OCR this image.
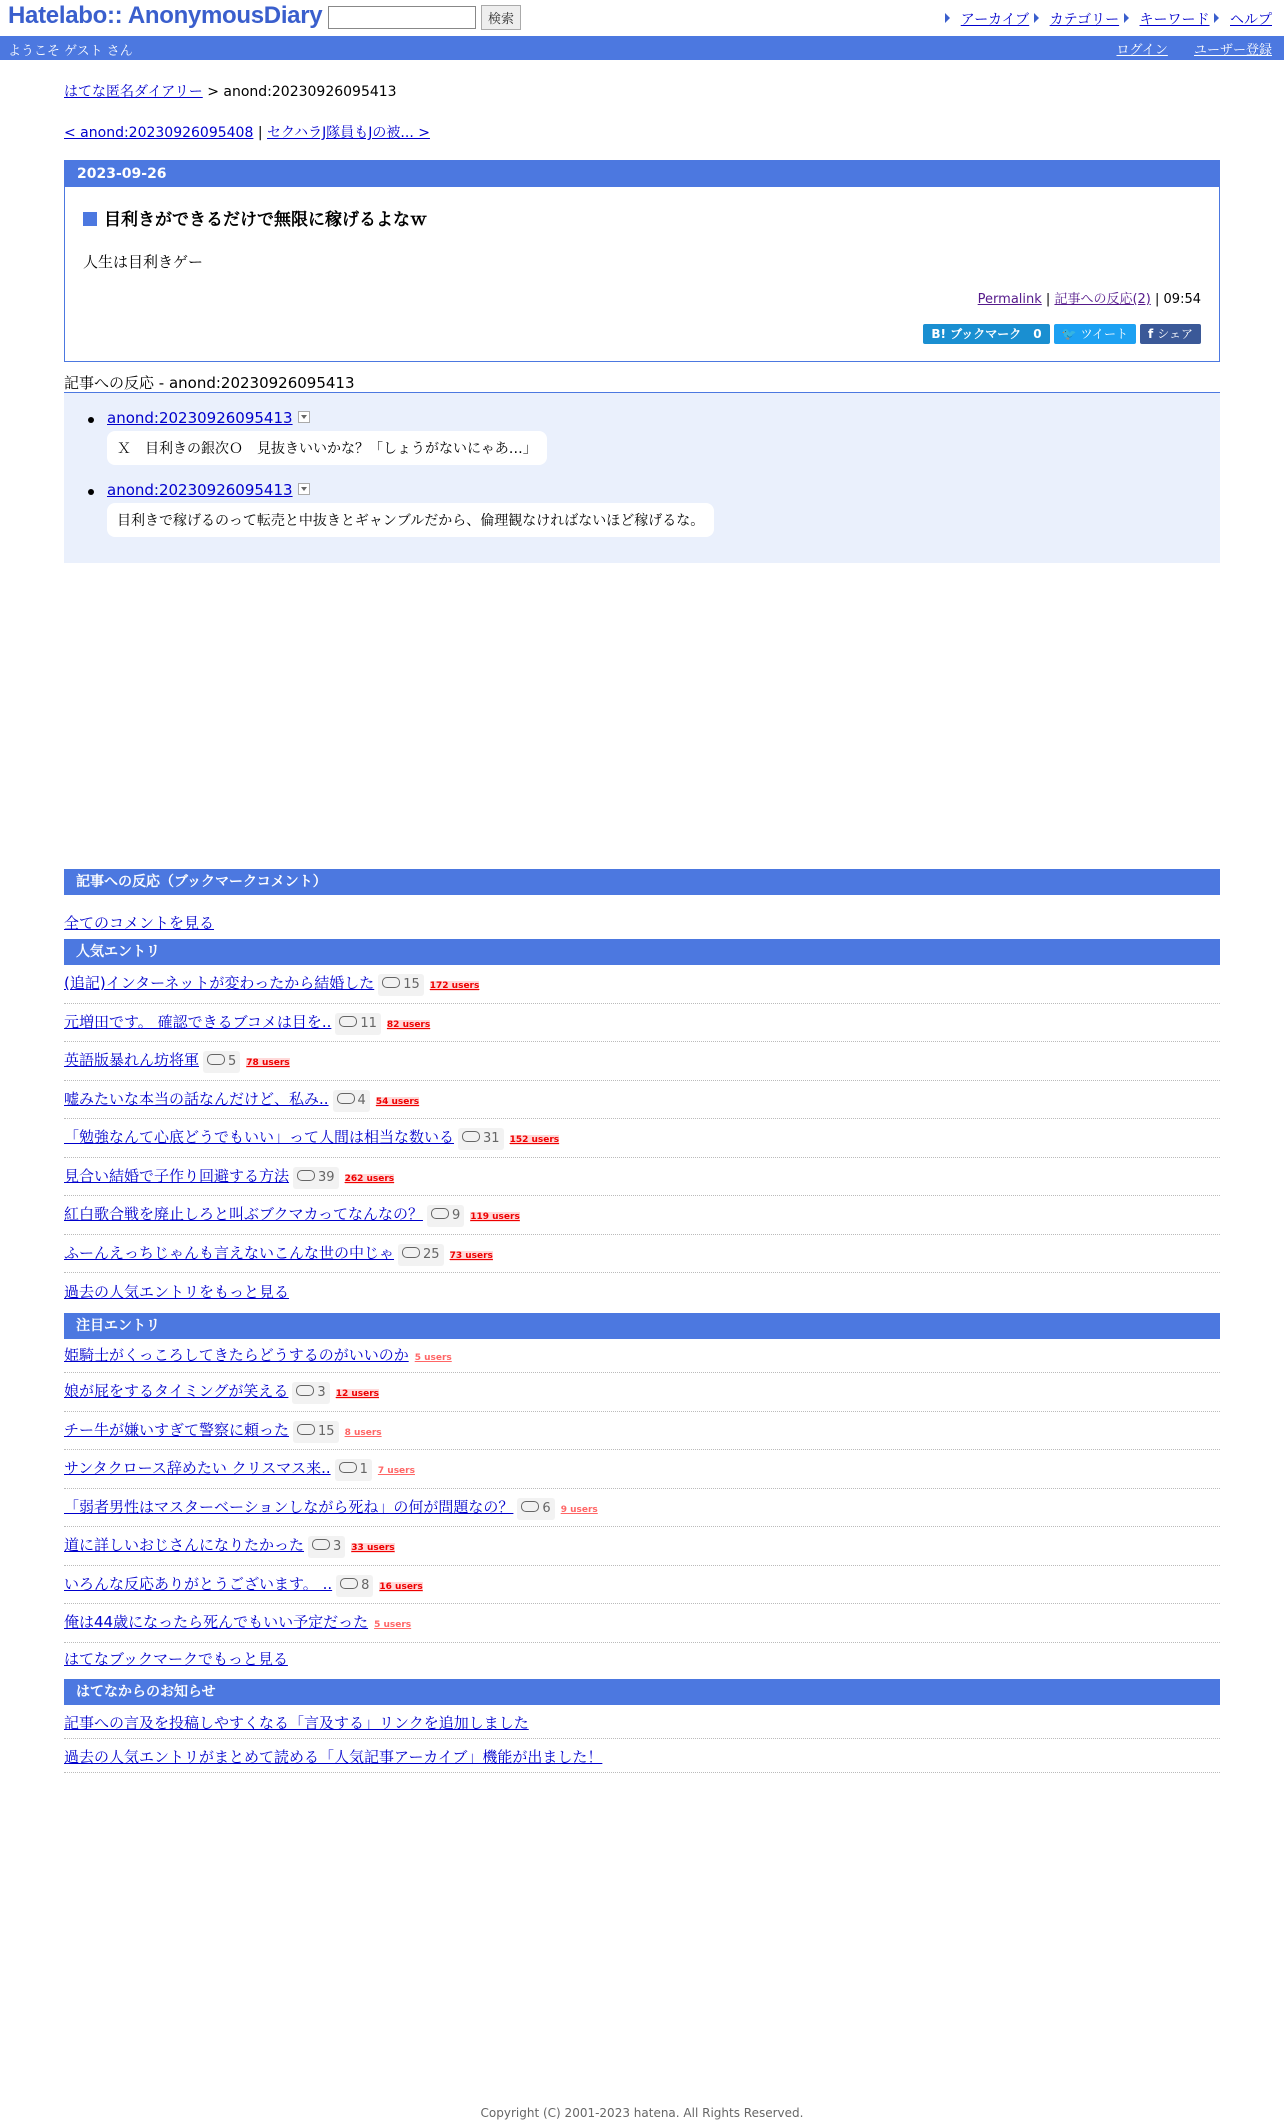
Hatelabo:: AnonymousDiary	検索	アーカイブ カテゴリー キーワード ヘルプ
ようこそ ゲスト さん	ログイン ユーザー登録
はてな匿名ダイアリー > anond:20230926095413
< anond:20230926095408 | セクハラJ隊員もJの被... >
2023-09-26
目利きができるだけで無限に稼げるよなｗ
人生は目利きゲー
Permalink | 記事への反応(2) | 09:54
B! ブックマーク　0 🐦 ツイート f シェア
記事への反応 - anond:20230926095413
anond:20230926095413
Ｘ　目利きの銀次Ｏ　見抜きいいかな？「しょうがないにゃあ…」
anond:20230926095413
目利きで稼げるのって転売と中抜きとギャンブルだから、倫理観なければないほど稼げるな。
記事への反応（ブックマークコメント）
全てのコメントを見る
人気エントリ
(追記)インターネットが変わったから結婚した 15 172 users
元増田です。 確認できるブコメは目を.. 11 82 users
英語版暴れん坊将軍 5 78 users
嘘みたいな本当の話なんだけど、私み.. 4 54 users
「勉強なんて心底どうでもいい」って人間は相当な数いる 31 152 users
見合い結婚で子作り回避する方法 39 262 users
紅白歌合戦を廃止しろと叫ぶブクマカってなんなの？ 9 119 users
ふーんえっちじゃんも言えないこんな世の中じゃ 25 73 users
過去の人気エントリをもっと見る
注目エントリ
姫騎士がくっころしてきたらどうするのがいいのか 5 users
娘が屁をするタイミングが笑える 3 12 users
チー牛が嫌いすぎて警察に頼った 15 8 users
サンタクロース辞めたい クリスマス来.. 1 7 users
「弱者男性はマスターベーションしながら死ね」の何が問題なの？ 6 9 users
道に詳しいおじさんになりたかった 3 33 users
いろんな反応ありがとうございます。 .. 8 16 users
俺は44歳になったら死んでもいい予定だった 5 users
はてなブックマークでもっと見る
はてなからのお知らせ
記事への言及を投稿しやすくなる「言及する」リンクを追加しました
過去の人気エントリがまとめて読める「人気記事アーカイブ」機能が出ました！
Copyright (C) 2001-2023 hatena. All Rights Reserved.
